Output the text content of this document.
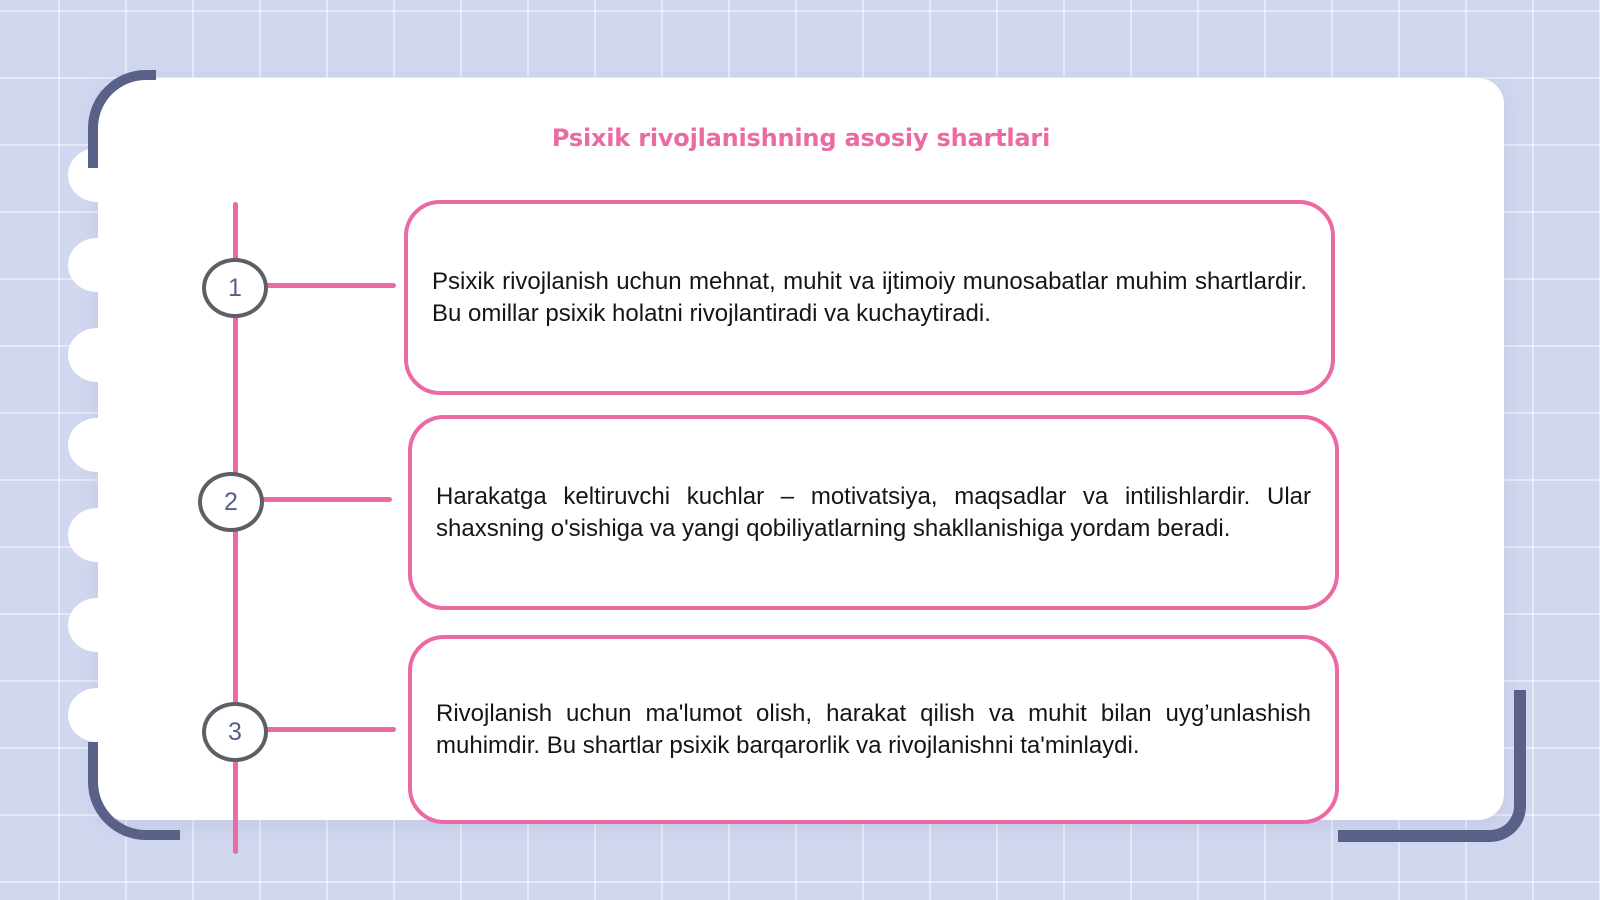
Psixik rivojlanishning asosiy shartlari
1
2
3

Psixik rivojlanish uchun mehnat, muhit va ijtimoiy munosabatlar muhim shartlardir. Bu omillar psixik holatni rivojlantiradi va kuchaytiradi.

Harakatga keltiruvchi kuchlar – motivatsiya, maqsadlar va intilishlardir. Ular shaxsning o'sishiga va yangi qobiliyatlarning shakllanishiga yordam beradi.

Rivojlanish uchun ma'lumot olish, harakat qilish va muhit bilan uyg’unlashish muhimdir. Bu shartlar psixik barqarorlik va rivojlanishni ta'minlaydi.
